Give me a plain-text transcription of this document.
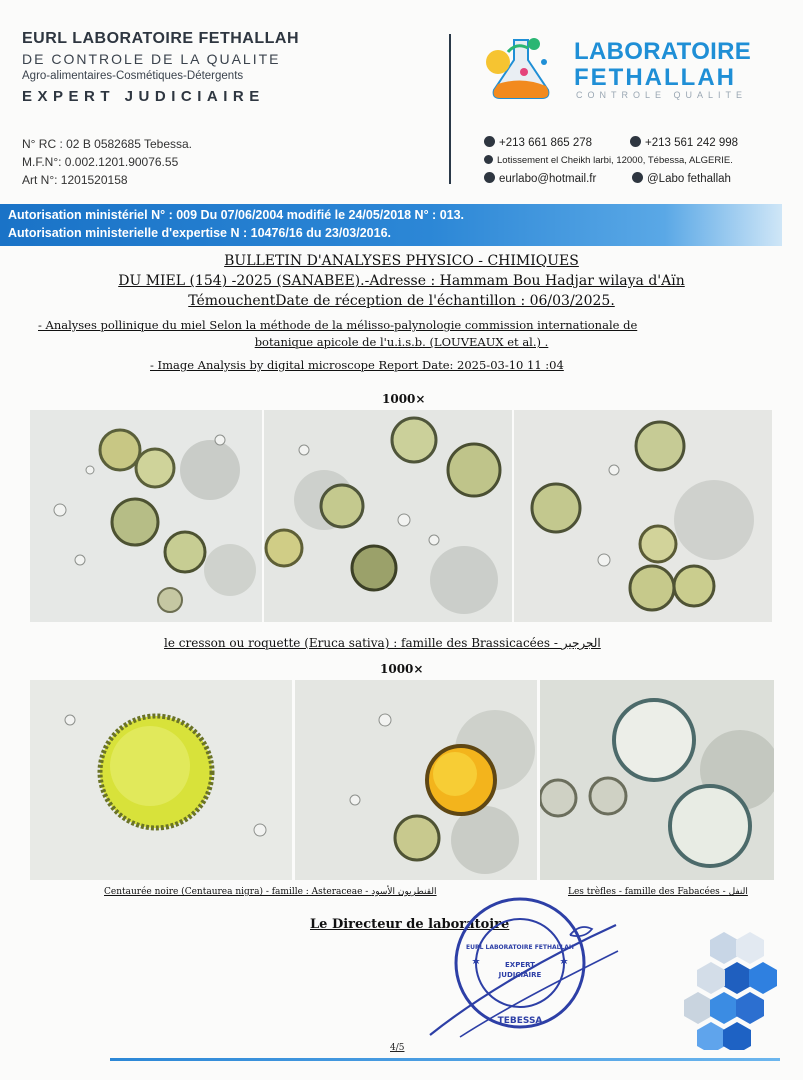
EURL LABORATOIRE FETHALLAH
DE CONTROLE DE LA QUALITE
Agro-alimentaires-Cosmétiques-Détergents
EXPERT JUDICIAIRE
N° RC : 02 B 0582685 Tebessa.
M.F.N°: 0.002.1201.90076.55
Art N°: 1201520158
LABORATOIRE
FETHALLAH
CONTROLE QUALITE
+213 661 865 278	+213 561 242 998
Lotissement el Cheikh larbi, 12000, Tébessa, ALGERIE.
eurlabo@hotmail.fr	@Labo fethallah
Autorisation ministériel N° : 009 Du 07/06/2004 modifié le 24/05/2018 N° : 013.
Autorisation ministerielle d'expertise N : 10476/16 du 23/03/2016.
BULLETIN D'ANALYSES PHYSICO - CHIMIQUES
DU MIEL (154) -2025 (SANABEE).-Adresse : Hammam Bou Hadjar wilaya d'Aïn
TémouchentDate de réception de l'échantillon : 06/03/2025.
- Analyses pollinique du miel Selon la méthode de la mélisso-palynologie commission internationale de
botanique apicole de l'u.i.s.b. (LOUVEAUX et al.) .
- Image Analysis by digital microscope Report Date: 2025-03-10 11 :04
1000×
le cresson ou roquette (Eruca sativa) : famille des Brassicacées - الجرجير
1000×
Centaurée noire (Centaurea nigra) - famille : Asteraceae - القنطريون الأسود	Les trèfles - famille des Fabacées - النفل
Le Directeur de laboratoire
TEBESSA
EURL LABORATOIRE FETHALLAH
EXPERT
JUDICIAIRE
4/5
